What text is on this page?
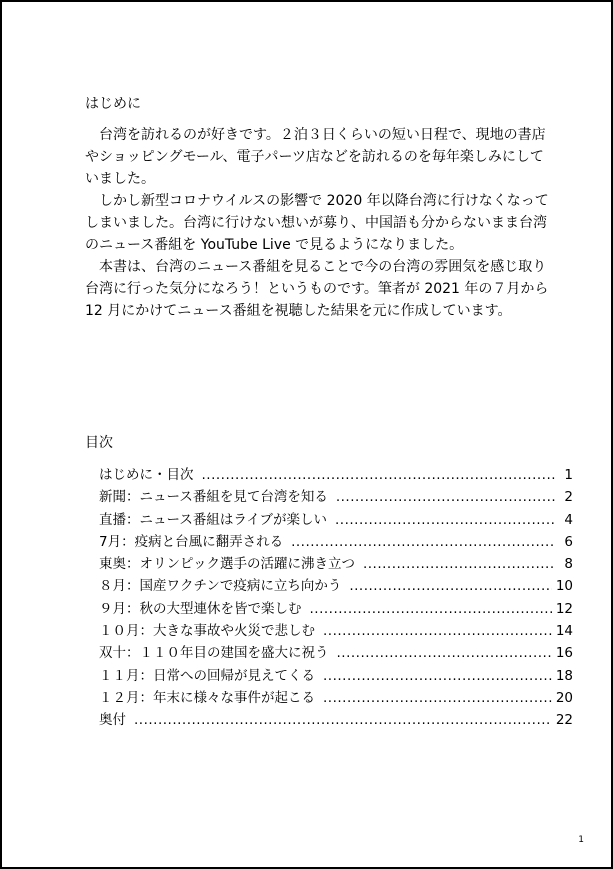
はじめに
　台湾を訪れるのが好きです。２泊３日くらいの短い日程で、現地の書店
やショッピングモール、電子パーツ店などを訪れるのを毎年楽しみにして
いました。
　しかし新型コロナウイルスの影響で 2020 年以降台湾に行けなくなって
しまいました。台湾に行けない想いが募り、中国語も分からないまま台湾
のニュース番組を YouTube Live で見るようになりました。
　本書は、台湾のニュース番組を見ることで今の台湾の雰囲気を感じ取り
台湾に行った気分になろう！というものです。筆者が 2021 年の７月から
12 月にかけてニュース番組を視聴した結果を元に作成しています。
目次
はじめに・目次 .....	1
新聞 ：ニュース番組を見て台湾を知る .....	2
直播 ：ニュース番組はライブが楽しい .....	4
7月 ：疫病と台風に翻弄される .....	6
東奥 ：オリンピック選手の活躍に沸き立つ .....	8
８月 ：国産ワクチンで疫病に立ち向かう .....	10
９月 ：秋の大型連休を皆で楽しむ .....	12
１０月 ：大きな事故や火災で悲しむ .....	14
双十 ：１１０年目の建国を盛大に祝う .....	16
１１月 ：日常への回帰が見えてくる .....	18
１２月 ：年末に様々な事件が起こる .....	20
奥付 .....	22
1
